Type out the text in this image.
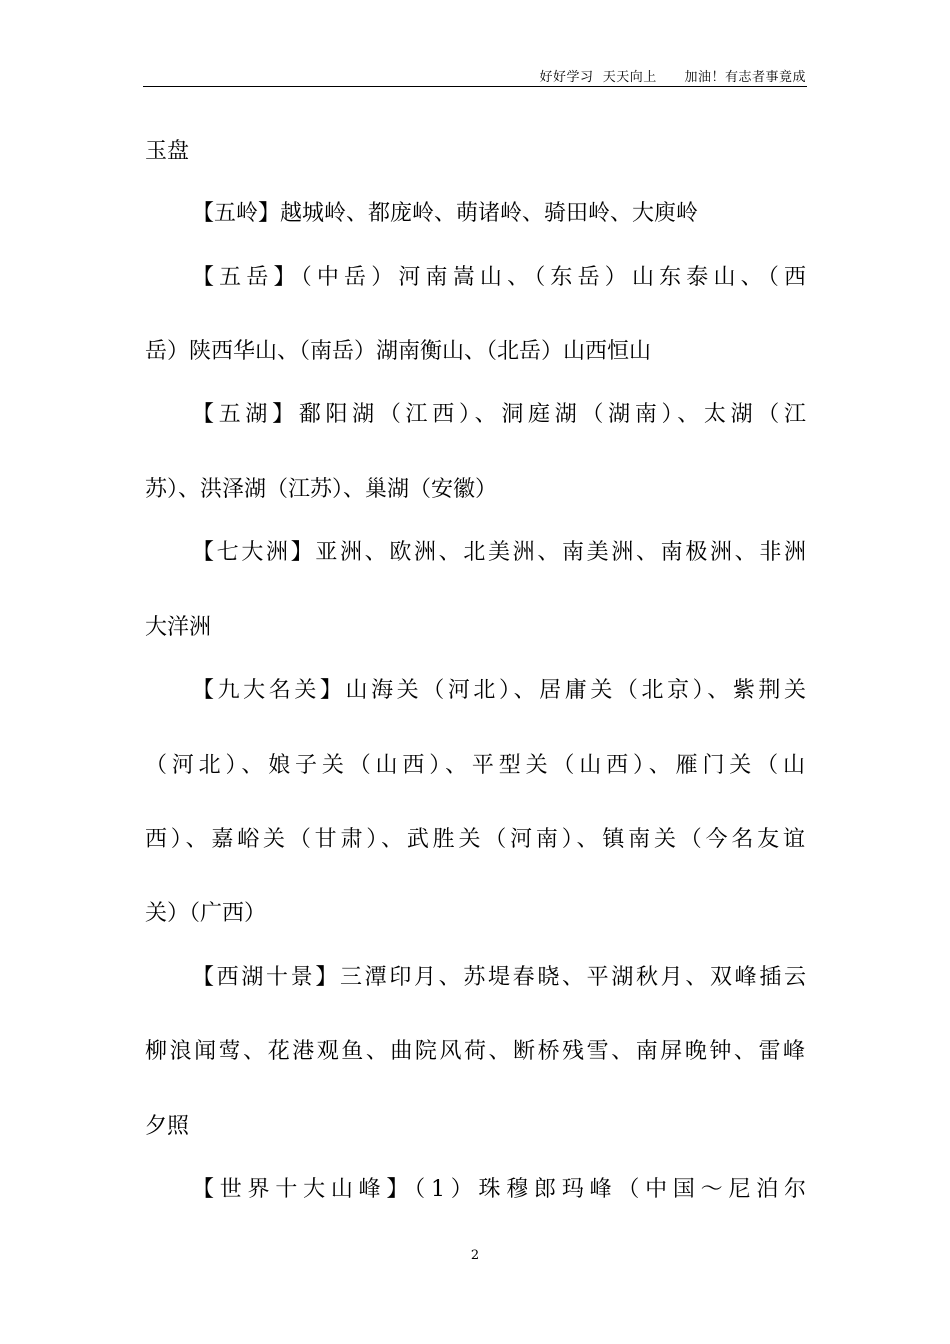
好好学习  天天向上      加油！有志者事竟成
玉盘
【五岭】越城岭、都庞岭、萌诸岭、骑田岭、大庾岭
【五岳】（中岳）河南嵩山、（东岳）山东泰山、（西
岳）陕西华山、（南岳）湖南衡山、（北岳）山西恒山
【五湖】鄱阳湖（江西）、洞庭湖（湖南）、太湖（江
苏）、洪泽湖（江苏）、巢湖（安徽）
【七大洲】亚洲、欧洲、北美洲、南美洲、南极洲、非洲
大洋洲
【九大名关】山海关（河北）、居庸关（北京）、紫荆关
（河北）、娘子关（山西）、平型关（山西）、雁门关（山
西）、嘉峪关（甘肃）、武胜关（河南）、镇南关（今名友谊
关）（广西）
【西湖十景】三潭印月、苏堤春晓、平湖秋月、双峰插云
柳浪闻莺、花港观鱼、曲院风荷、断桥残雪、南屏晚钟、雷峰
夕照
【世界十大山峰】（1）珠穆郎玛峰（中国～尼泊尔
2
